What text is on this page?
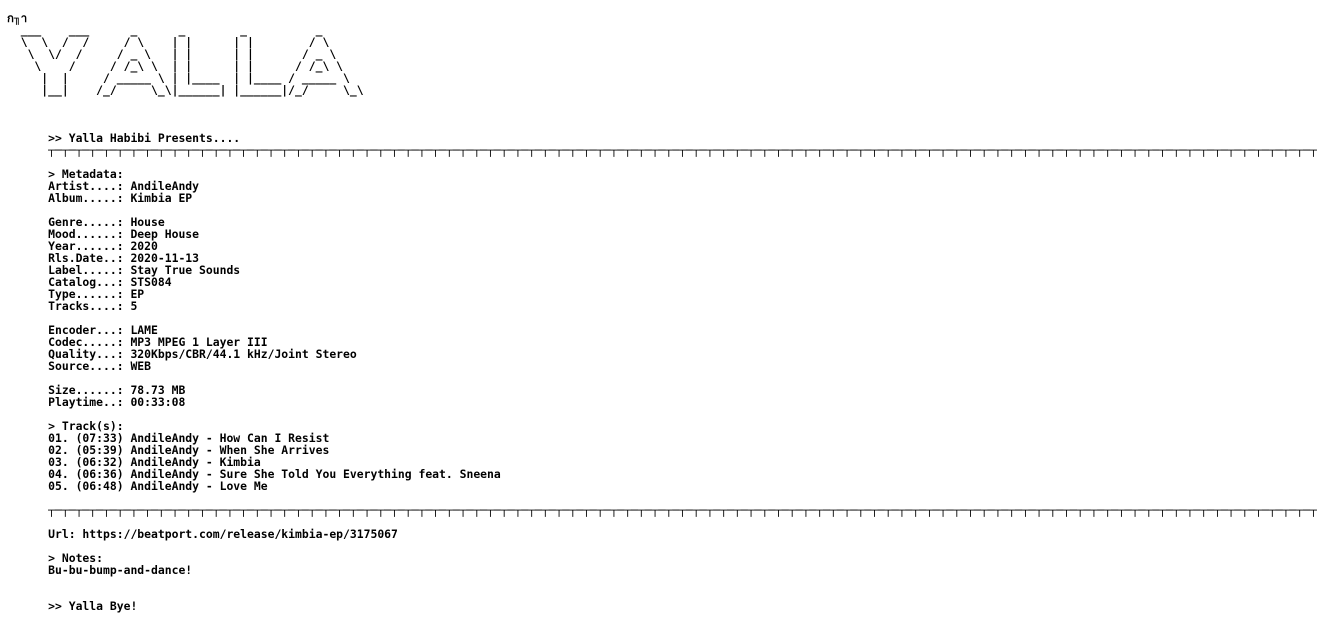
ก╖า
___    ___      _      _        _          _
\  \  /  /     / \    | |      | |        / \
\  \/  /     / _ \   | |      | |       / _ \
\    /     / /_\ \  | |      | |      / /_\ \
|  |     / _____ \ | |____  | |____ / _____ \
|__|    /_/     \_\|______| |______|/_/     \_\

>> Yalla Habibi Presents....
┬─┬─┬─┬─┬─┬─┬─┬─┬─┬─┬─┬─┬─┬─┬─┬─┬─┬─┬─┬─┬─┬─┬─┬─┬─┬─┬─┬─┬─┬─┬─┬─┬─┬─┬─┬─┬─┬─┬─┬─┬─┬─┬─┬─┬─┬─┬─┬─┬─┬─┬─┬─┬─┬─┬─┬─┬─┬─┬─┬─┬─┬─┬─┬─┬─┬─┬─┬─┬─┬─┬─┬─┬─┬─┬─┬─┬─┬─┬─┬─┬─┬─┬─┬─┬─┬─┬─┬─┬─┬─┬─┬─┬

> Metadata:
Artist....: AndileAndy
Album.....: Kimbia EP

Genre.....: House
Mood......: Deep House
Year......: 2020
Rls.Date..: 2020-11-13
Label.....: Stay True Sounds
Catalog...: STS084
Type......: EP
Tracks....: 5

Encoder...: LAME
Codec.....: MP3 MPEG 1 Layer III
Quality...: 320Kbps/CBR/44.1 kHz/Joint Stereo
Source....: WEB

Size......: 78.73 MB
Playtime..: 00:33:08

> Track(s):
01. (07:33) AndileAndy - How Can I Resist
02. (05:39) AndileAndy - When She Arrives
03. (06:32) AndileAndy - Kimbia
04. (06:36) AndileAndy - Sure She Told You Everything feat. Sneena
05. (06:48) AndileAndy - Love Me

┬─┬─┬─┬─┬─┬─┬─┬─┬─┬─┬─┬─┬─┬─┬─┬─┬─┬─┬─┬─┬─┬─┬─┬─┬─┬─┬─┬─┬─┬─┬─┬─┬─┬─┬─┬─┬─┬─┬─┬─┬─┬─┬─┬─┬─┬─┬─┬─┬─┬─┬─┬─┬─┬─┬─┬─┬─┬─┬─┬─┬─┬─┬─┬─┬─┬─┬─┬─┬─┬─┬─┬─┬─┬─┬─┬─┬─┬─┬─┬─┬─┬─┬─┬─┬─┬─┬─┬─┬─┬─┬─┬─┬

Url: https://beatport.com/release/kimbia-ep/3175067

> Notes:
Bu-bu-bump-and-dance!

>> Yalla Bye!
